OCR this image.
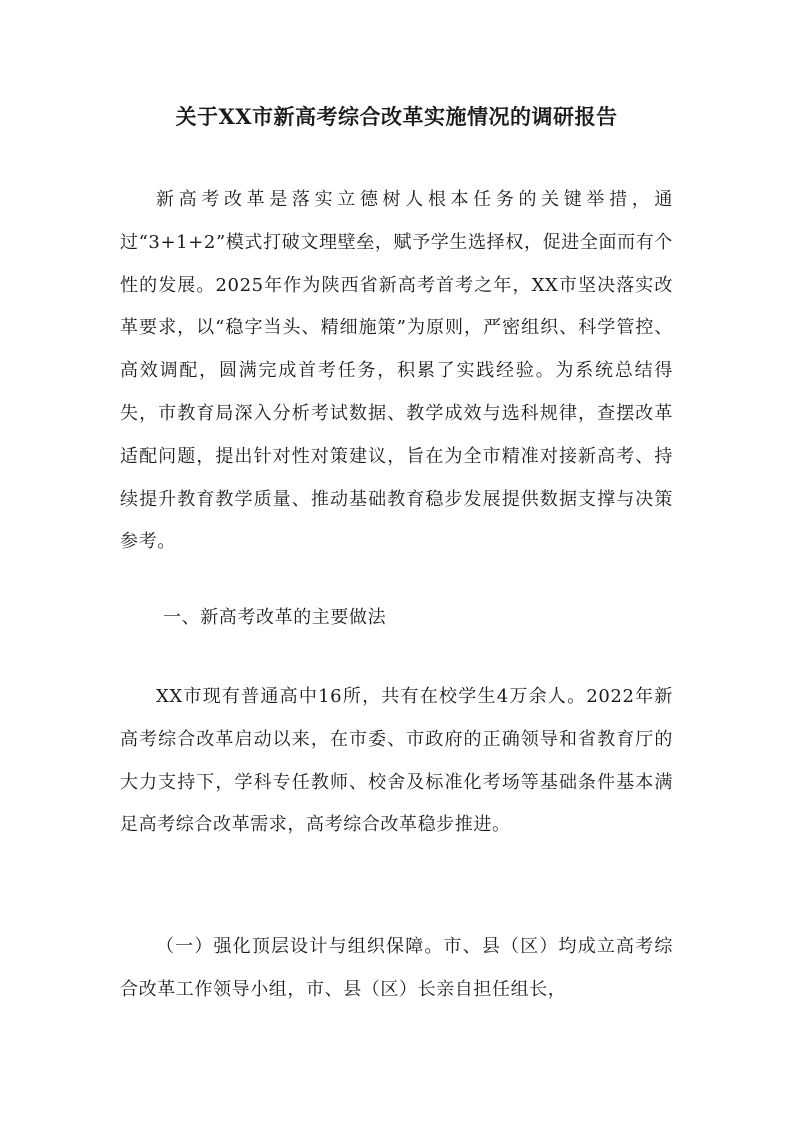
关于XX市新高考综合改革实施情况的调研报告

新高考改革是落实立德树人根本任务的关键举措，通过“3+1+2”模式打破文理壁垒，赋予学生选择权，促进全面而有个性的发展。2025年作为陕西省新高考首考之年，XX市坚决落实改革要求，以“稳字当头、精细施策”为原则，严密组织、科学管控、高效调配，圆满完成首考任务，积累了实践经验。为系统总结得失，市教育局深入分析考试数据、教学成效与选科规律，查摆改革适配问题，提出针对性对策建议，旨在为全市精准对接新高考、持续提升教育教学质量、推动基础教育稳步发展提供数据支撑与决策参考。

一、新高考改革的主要做法

XX市现有普通高中16所，共有在校学生4万余人。2022年新高考综合改革启动以来，在市委、市政府的正确领导和省教育厅的大力支持下，学科专任教师、校舍及标准化考场等基础条件基本满足高考综合改革需求，高考综合改革稳步推进。

（一）强化顶层设计与组织保障。市、县（区）均成立高考综合改革工作领导小组，市、县（区）长亲自担任组长，
